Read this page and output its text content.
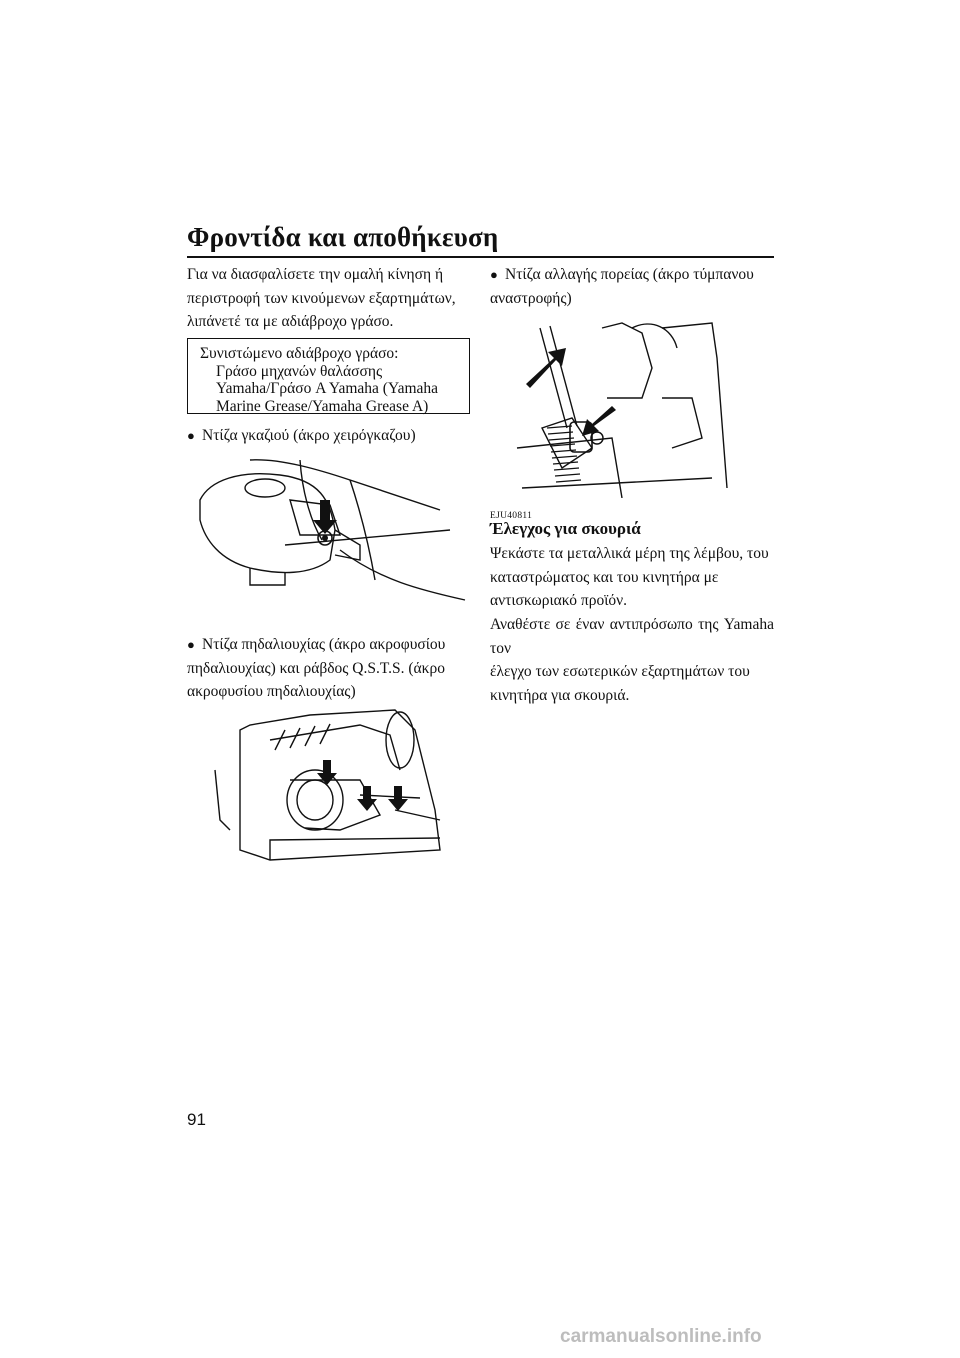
Φροντίδα και αποθήκευση

Για να διασφαλίσετε την ομαλή κίνηση ή

περιστροφή των κινούμενων εξαρτημάτων,

λιπάνετέ τα με αδιάβροχο γράσο.

Συνιστώμενο αδιάβροχο γράσο:
Γράσο μηχανών θαλάσσης
Yamaha/Γράσο A Yamaha (Yamaha
Marine Grease/Yamaha Grease A)
● Ντίζα γκαζιού (άκρο χειρόγκαζου)
● Ντίζα πηδαλιουχίας (άκρο ακροφυσίου
πηδαλιουχίας) και ράβδος Q.S.T.S. (άκρο
ακροφυσίου πηδαλιουχίας)
● Ντίζα αλλαγής πορείας (άκρο τύμπανου
αναστροφής)
EJU40811
Έλεγχος για σκουριά

Ψεκάστε τα μεταλλικά μέρη της λέμβου, του

καταστρώματος και του κινητήρα με

αντισκωριακό προϊόν.

Αναθέστε σε έναν αντιπρόσωπο της Yamaha τον

έλεγχο των εσωτερικών εξαρτημάτων του

κινητήρα για σκουριά.

91
carmanualsonline.info
